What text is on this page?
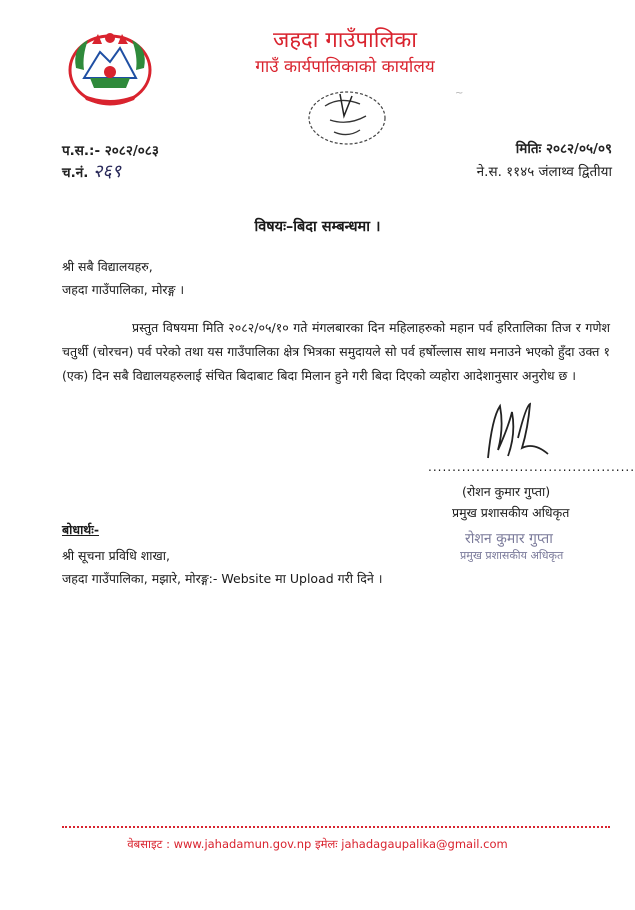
जहदा गाउँपालिका
गाउँ कार्यपालिकाको कार्यालय
~
प.स.:- २०८२/०८३
च.नं. २६९
मितिः २०८२/०५/०९
ने.स. ११४५ जंलाथ्व द्वितीया
विषयः–बिदा सम्बन्धमा ।
श्री सबै विद्यालयहरु,
जहदा गाउँपालिका, मोरङ्ग ।

प्रस्तुत विषयमा मिति २०८२/०५/१० गते मंगलबारका दिन महिलाहरुको महान पर्व हरितालिका तिज र गणेश चतुर्थी (चोरचन) पर्व परेको तथा यस गाउँपालिका क्षेत्र भित्रका समुदायले सो पर्व हर्षोल्लास साथ मनाउने भएको हुँदा उक्त १ (एक) दिन सबै विद्यालयहरुलाई संचित बिदाबाट बिदा मिलान हुने गरी बिदा दिएको व्यहोरा आदेशानुसार अनुरोध छ ।

...........................................
(रोशन कुमार गुप्ता)
प्रमुख प्रशासकीय अधिकृत
रोशन कुमार गुप्ता
प्रमुख प्रशासकीय अधिकृत
बोधार्थः-
श्री सूचना प्रविधि शाखा,
जहदा गाउँपालिका, मझारे, मोरङ्ग:- Website मा Upload गरी दिने ।
वेबसाइट : www.jahadamun.gov.np इमेलः jahadagaupalika@gmail.com
